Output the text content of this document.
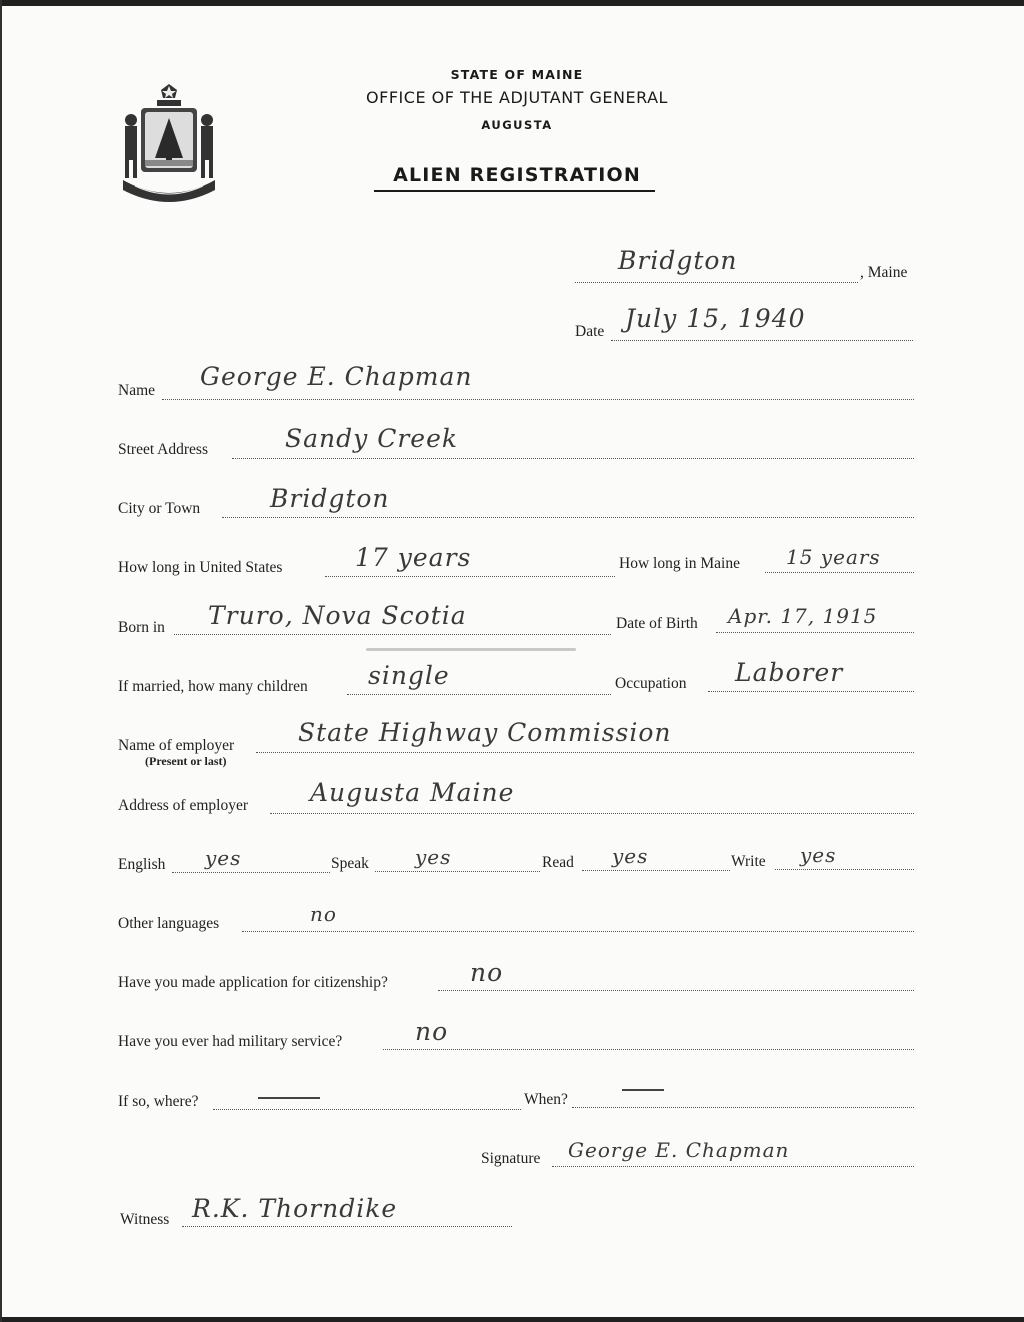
STATE OF MAINE
OFFICE OF THE ADJUTANT GENERAL
AUGUSTA
ALIEN REGISTRATION
Bridgton	, Maine
Date July 15, 1940
Name George E. Chapman
Street Address	Sandy Creek
City or Town	Bridgton
How long in United States	17 years	How long in Maine 15 years
Born in Truro, Nova Scotia	Date of Birth Apr. 17, 1915
If married, how many children single	Occupation Laborer
Name of employer
(Present or last)
State Highway Commission
Address of employer Augusta Maine
English yes	Speak yes	Read yes	Write yes
Other languages	no
Have you made application for citizenship?	no
Have you ever had military service?	no
If so, where?	When?
Signature George E. Chapman
Witness R.K. Thorndike
